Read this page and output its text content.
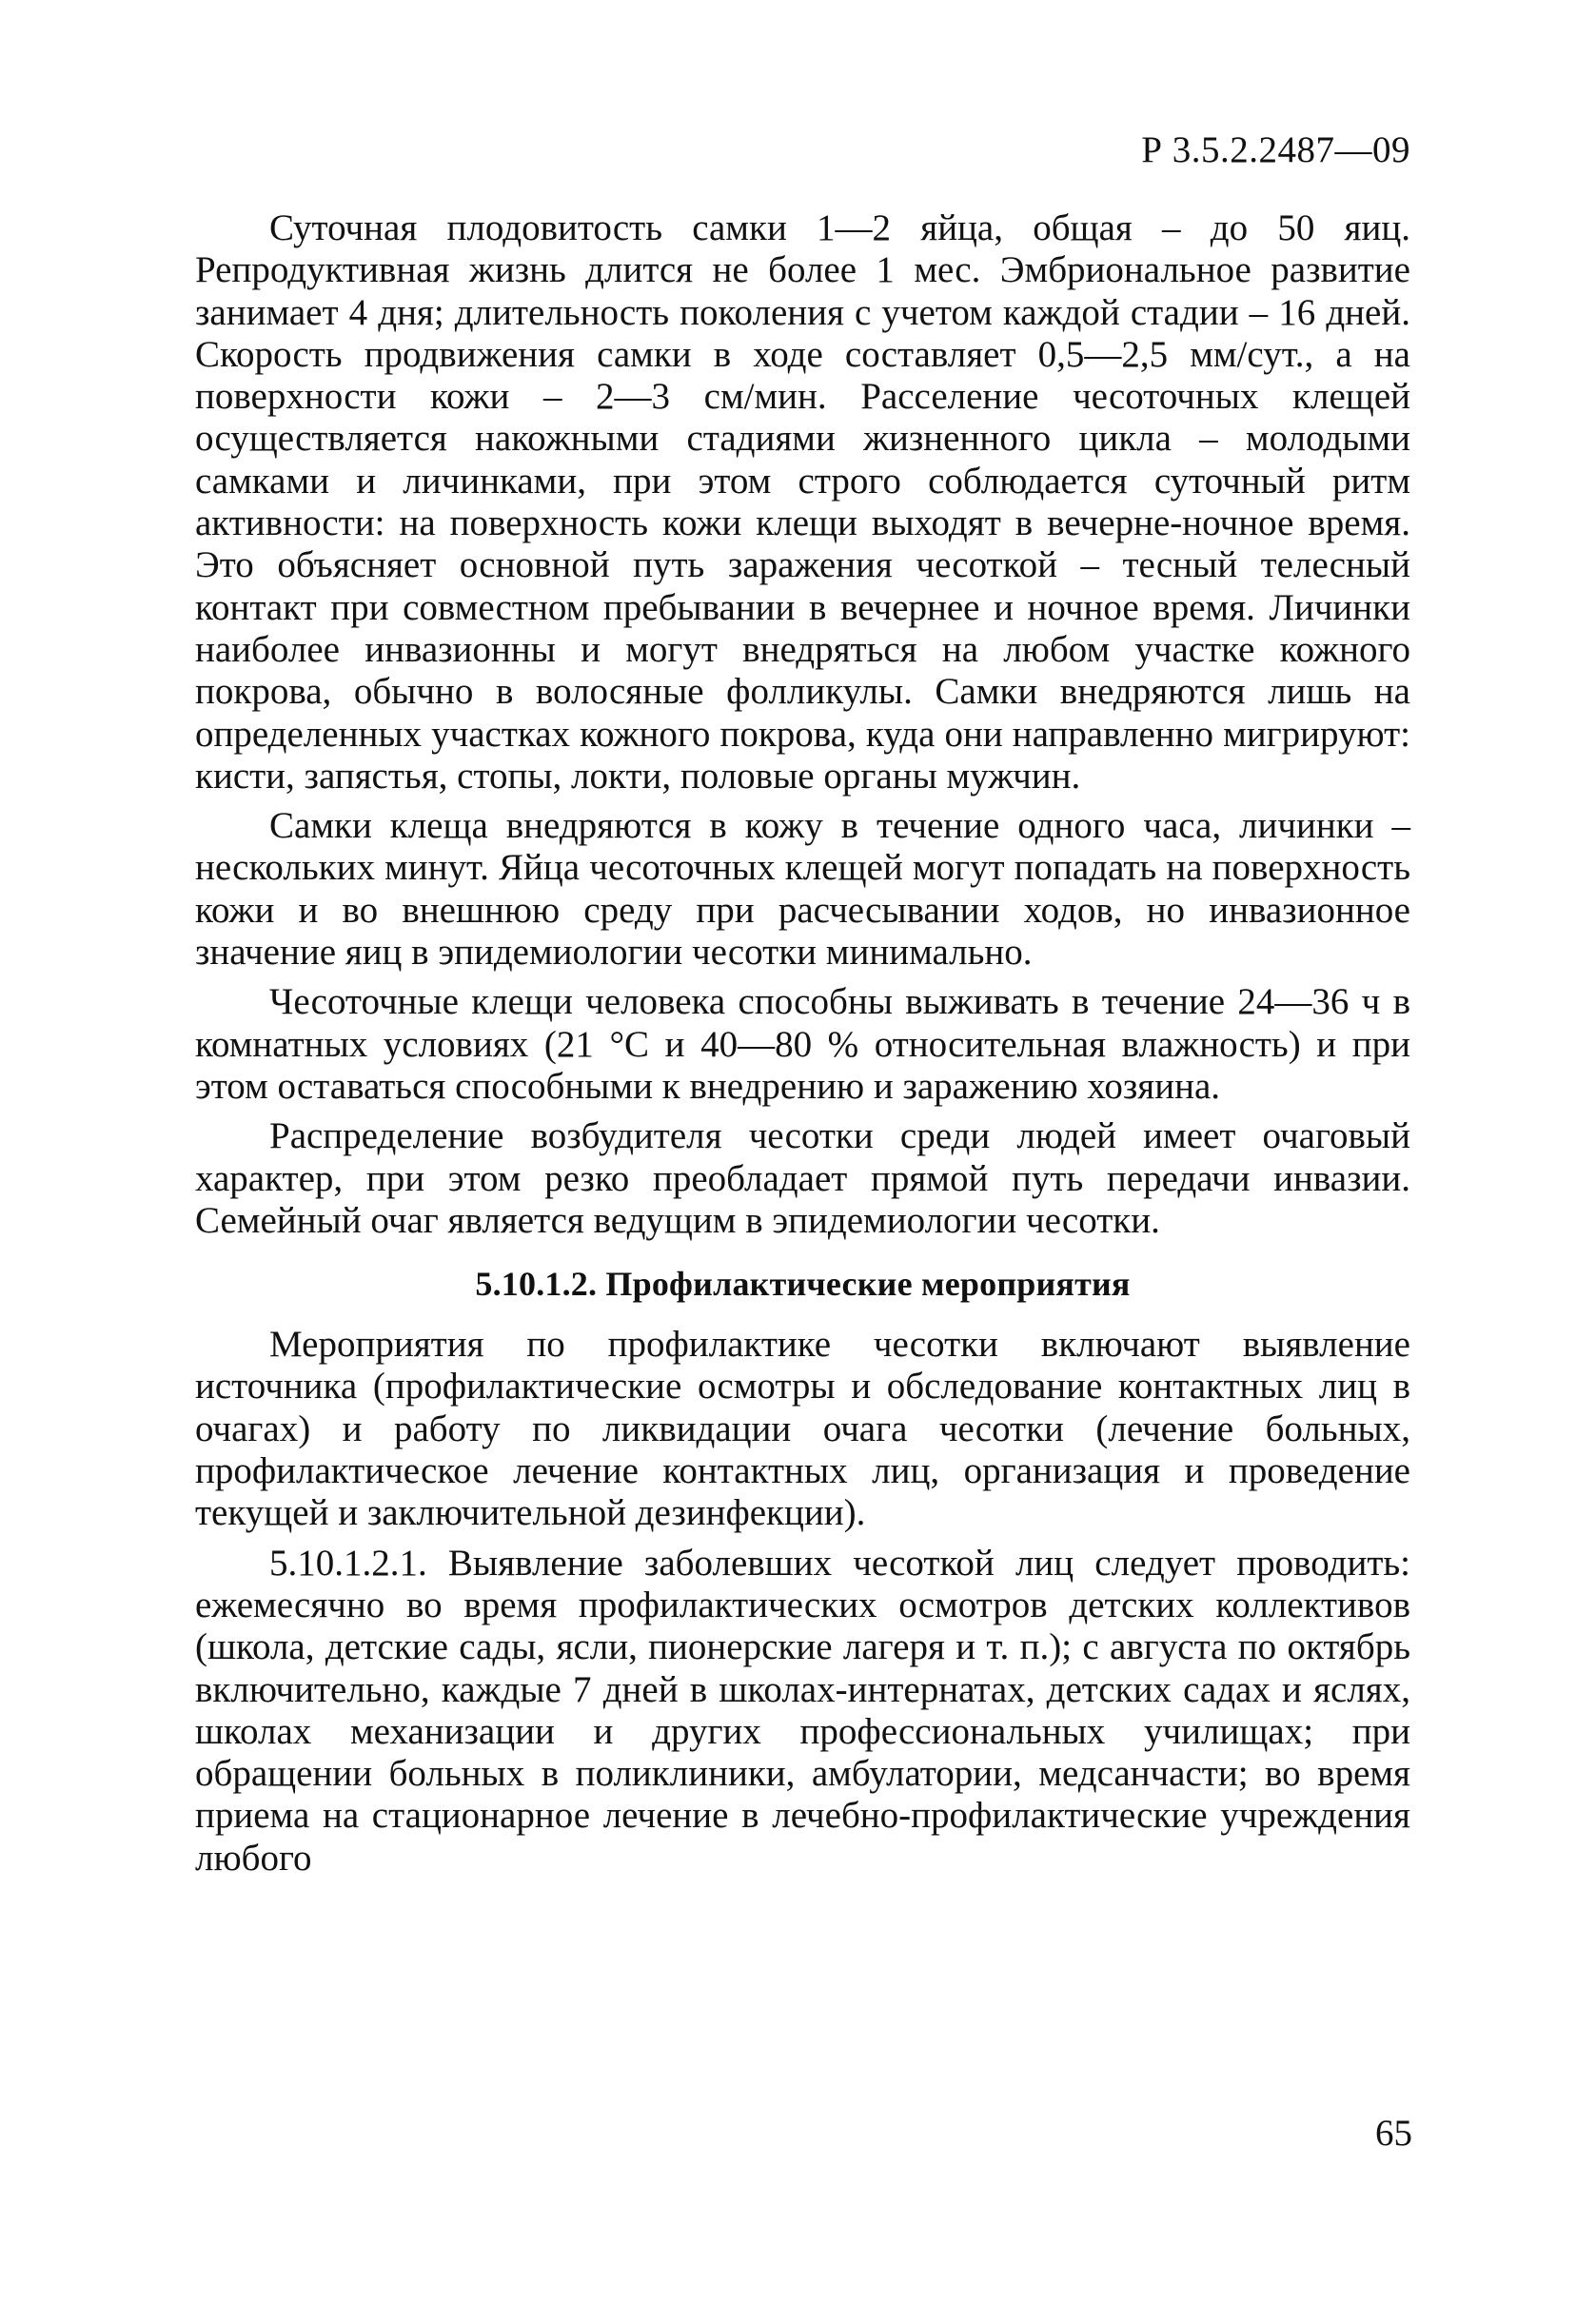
Р 3.5.2.2487—09

Суточная плодовитость самки 1—2 яйца, общая – до 50 яиц. Репродуктивная жизнь длится не более 1 мес. Эмбриональное развитие занимает 4 дня; длительность поколения с учетом каждой стадии – 16 дней. Скорость продвижения самки в ходе составляет 0,5—2,5 мм/сут., а на поверхности кожи – 2—3 см/мин. Расселение чесоточных клещей осуществляется накожными стадиями жизненного цикла – молодыми самками и личинками, при этом строго соблюдается суточный ритм активности: на поверхность кожи клещи выходят в вечерне-ночное время. Это объясняет основной путь заражения чесоткой – тесный телесный контакт при совместном пребывании в вечернее и ночное время. Личинки наиболее инвазионны и могут внедряться на любом участке кожного покрова, обычно в волосяные фолликулы. Самки внедряются лишь на определенных участках кожного покрова, куда они направленно мигрируют: кисти, запястья, стопы, локти, половые органы мужчин.

Самки клеща внедряются в кожу в течение одного часа, личинки – нескольких минут. Яйца чесоточных клещей могут попадать на поверхность кожи и во внешнюю среду при расчесывании ходов, но инвазионное значение яиц в эпидемиологии чесотки минимально.

Чесоточные клещи человека способны выживать в течение 24—36 ч в комнатных условиях (21 °С и 40—80 % относительная влажность) и при этом оставаться способными к внедрению и заражению хозяина.

Распределение возбудителя чесотки среди людей имеет очаговый характер, при этом резко преобладает прямой путь передачи инвазии. Семейный очаг является ведущим в эпидемиологии чесотки.

5.10.1.2. Профилактические мероприятия

Мероприятия по профилактике чесотки включают выявление источника (профилактические осмотры и обследование контактных лиц в очагах) и работу по ликвидации очага чесотки (лечение больных, профилактическое лечение контактных лиц, организация и проведение текущей и заключительной дезинфекции).

5.10.1.2.1. Выявление заболевших чесоткой лиц следует проводить: ежемесячно во время профилактических осмотров детских коллективов (школа, детские сады, ясли, пионерские лагеря и т. п.); с августа по октябрь включительно, каждые 7 дней в школах-интернатах, детских садах и яслях, школах механизации и других профессиональных училищах; при обращении больных в поликлиники, амбулатории, медсанчасти; во время приема на стационарное лечение в лечебно-профилактические учреждения любого

65
